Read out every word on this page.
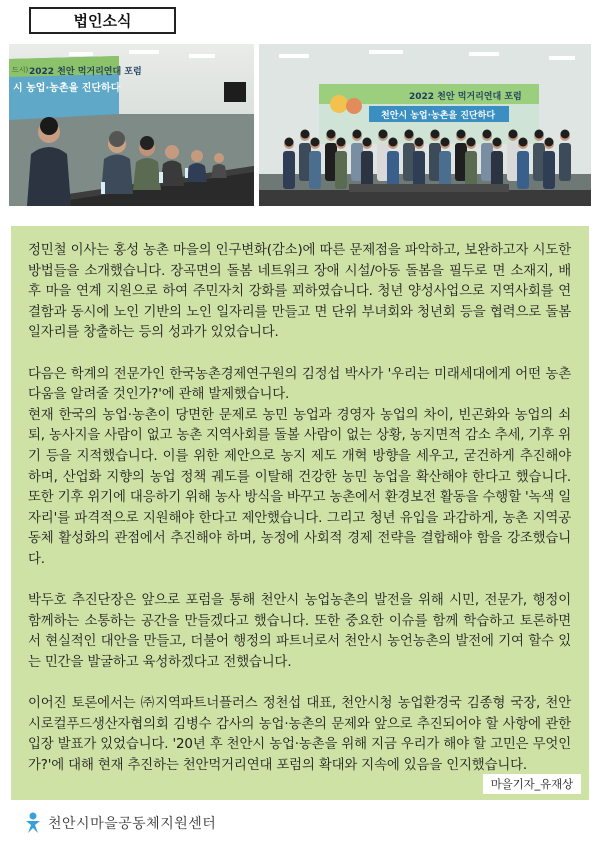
법인소식
드시) 2022 천안 먹거리연대 포럼
시 농업·농촌을 진단하다
2022 천안 먹거리연대 포럼
천안시 농업·농촌을 진단하다

정민철 이사는 홍성 농촌 마을의 인구변화(감소)에 따른 문제점을 파악하고, 보완하고자 시도한 방법들을 소개했습니다. 장곡면의 돌봄 네트워크 장애 시설/아동 돌봄을 필두로 면 소재지, 배후 마을 연계 지원으로 하여 주민자치 강화를 꾀하였습니다. 청년 양성사업으로 지역사회를 연결함과 동시에 노인 기반의 노인 일자리를 만들고 면 단위 부녀회와 청년회 등을 협력으로 돌봄 일자리를 창출하는 등의 성과가 있었습니다.

다음은 학계의 전문가인 한국농촌경제연구원의 김정섭 박사가 '우리는 미래세대에게 어떤 농촌다움을 알려줄 것인가?'에 관해 발제했습니다.

현재 한국의 농업·농촌이 당면한 문제로 농민 농업과 경영자 농업의 차이, 빈곤화와 농업의 쇠퇴, 농사지을 사람이 없고 농촌 지역사회를 돌볼 사람이 없는 상황, 농지면적 감소 추세, 기후 위기 등을 지적했습니다. 이를 위한 제안으로 농지 제도 개혁 방향을 세우고, 굳건하게 추진해야 하며, 산업화 지향의 농업 정책 궤도를 이탈해 건강한 농민 농업을 확산해야 한다고 했습니다. 또한 기후 위기에 대응하기 위해 농사 방식을 바꾸고 농촌에서 환경보전 활동을 수행할 '녹색 일자리'를 파격적으로 지원해야 한다고 제안했습니다. 그리고 청년 유입을 과감하게, 농촌 지역공동체 활성화의 관점에서 추진해야 하며, 농정에 사회적 경제 전략을 결합해야 함을 강조했습니다.

박두호 추진단장은 앞으로 포럼을 통해 천안시 농업농촌의 발전을 위해 시민, 전문가, 행정이 함께하는 소통하는 공간을 만들겠다고 했습니다. 또한 중요한 이슈를 함께 학습하고 토론하면서 현실적인 대안을 만들고, 더불어 행정의 파트너로서 천안시 농언농촌의 발전에 기여 할수 있는 민간을 발굴하고 육성하겠다고 전했습니다.

이어진 토론에서는 ㈜지역파트너플러스 정천섭 대표, 천안시청 농업환경국 김종형 국장, 천안시로컬푸드생산자협의회 김병수 감사의 농업·농촌의 문제와 앞으로 추진되어야 할 사항에 관한 입장 발표가 있었습니다. '20년 후 천안시 농업·농촌을 위해 지금 우리가 해야 할 고민은 무엇인가?'에 대해 현재 추진하는 천안먹거리연대 포럼의 확대와 지속에 있음을 인지했습니다.

마을기자_유재상
천안시마을공동체지원센터
